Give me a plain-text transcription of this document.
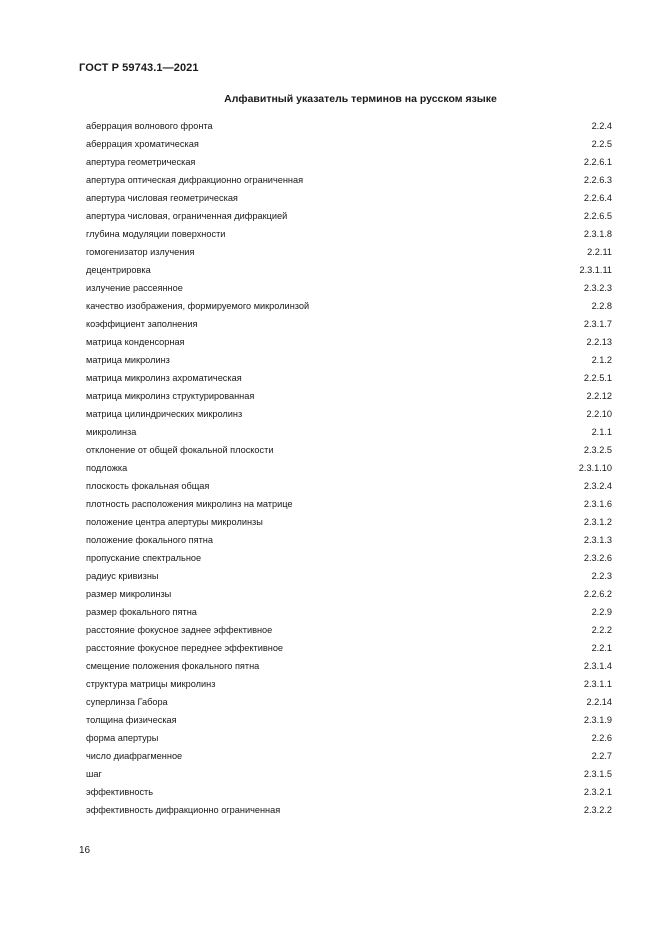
ГОСТ Р 59743.1—2021
Алфавитный указатель терминов на русском языке
аберрация волнового фронта	2.2.4
аберрация хроматическая	2.2.5
апертура геометрическая	2.2.6.1
апертура оптическая дифракционно ограниченная	2.2.6.3
апертура числовая геометрическая	2.2.6.4
апертура числовая, ограниченная дифракцией	2.2.6.5
глубина модуляции поверхности	2.3.1.8
гомогенизатор излучения	2.2.11
децентрировка	2.3.1.11
излучение рассеянное	2.3.2.3
качество изображения, формируемого микролинзой	2.2.8
коэффициент заполнения	2.3.1.7
матрица конденсорная	2.2.13
матрица микролинз	2.1.2
матрица микролинз ахроматическая	2.2.5.1
матрица микролинз структурированная	2.2.12
матрица цилиндрических микролинз	2.2.10
микролинза	2.1.1
отклонение от общей фокальной плоскости	2.3.2.5
подложка	2.3.1.10
плоскость фокальная общая	2.3.2.4
плотность расположения микролинз на матрице	2.3.1.6
положение центра апертуры микролинзы	2.3.1.2
положение фокального пятна	2.3.1.3
пропускание спектральное	2.3.2.6
радиус кривизны	2.2.3
размер микролинзы	2.2.6.2
размер фокального пятна	2.2.9
расстояние фокусное заднее эффективное	2.2.2
расстояние фокусное переднее эффективное	2.2.1
смещение положения фокального пятна	2.3.1.4
структура матрицы микролинз	2.3.1.1
суперлинза Габора	2.2.14
толщина физическая	2.3.1.9
форма апертуры	2.2.6
число диафрагменное	2.2.7
шаг	2.3.1.5
эффективность	2.3.2.1
эффективность дифракционно ограниченная	2.3.2.2
16
